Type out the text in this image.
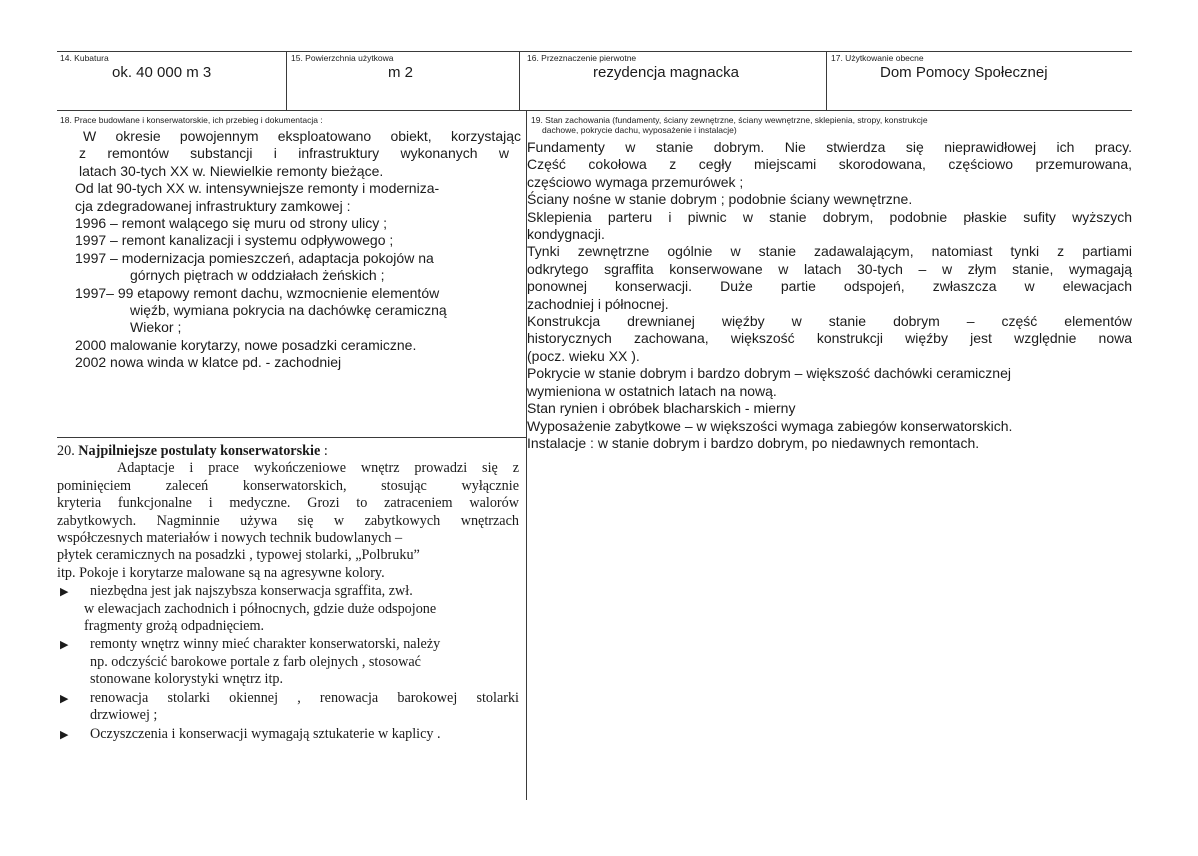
14. Kubatura
ok. 40 000 m 3
15. Powierzchnia użytkowa
m 2
16. Przeznaczenie pierwotne
rezydencja magnacka
17. Użytkowanie obecne
Dom Pomocy Społecznej
18. Prace budowlane i konserwatorskie, ich przebieg i dokumentacja :
W okresie powojennym eksploatowano obiekt, korzystając
z remontów substancji i infrastruktury wykonanych w
latach 30-tych XX w. Niewielkie remonty bieżące.
Od lat 90-tych XX w. intensywniejsze remonty i moderniza-
cja zdegradowanej infrastruktury zamkowej :
1996 – remont walącego się muru od strony ulicy ;
1997 – remont kanalizacji i systemu odpływowego ;
1997 – modernizacja pomieszczeń, adaptacja pokojów na
górnych piętrach w oddziałach żeńskich ;
1997– 99 etapowy remont dachu, wzmocnienie elementów
więźb, wymiana pokrycia na dachówkę ceramiczną
Wiekor ;
2000 malowanie korytarzy, nowe posadzki ceramiczne.
2002 nowa winda w klatce pd. - zachodniej
19. Stan zachowania (fundamenty, ściany zewnętrzne, ściany wewnętrzne, sklepienia, stropy, konstrukcje
dachowe, pokrycie dachu, wyposażenie i instalacje)
Fundamenty w stanie dobrym. Nie stwierdza się nieprawidłowej ich pracy.
Część cokołowa z cegły miejscami skorodowana, częściowo przemurowana,
częściowo wymaga przemurówek ;
Ściany nośne w stanie dobrym ; podobnie ściany wewnętrzne.
Sklepienia parteru i piwnic w stanie dobrym, podobnie płaskie sufity wyższych
kondygnacji.
Tynki zewnętrzne ogólnie w stanie zadawalającym, natomiast tynki z partiami
odkrytego sgraffita konserwowane w latach 30-tych – w złym stanie, wymagają
ponownej konserwacji. Duże partie odspojeń, zwłaszcza w elewacjach
zachodniej i północnej.
Konstrukcja drewnianej więźby w stanie dobrym – część elementów
historycznych zachowana, większość konstrukcji więźby jest względnie nowa
(pocz. wieku XX ).
Pokrycie w stanie dobrym i bardzo dobrym – większość dachówki ceramicznej
wymieniona w ostatnich latach na nową.
Stan rynien i obróbek blacharskich - mierny
Wyposażenie zabytkowe – w większości wymaga zabiegów konserwatorskich.
Instalacje : w stanie dobrym i bardzo dobrym, po niedawnych remontach.
20. Najpilniejsze postulaty konserwatorskie :
Adaptacje i prace wykończeniowe wnętrz prowadzi się z
pominięciem zaleceń konserwatorskich, stosując wyłącznie
kryteria funkcjonalne i medyczne. Grozi to zatraceniem walorów
zabytkowych. Nagminnie używa się w zabytkowych wnętrzach
współczesnych materiałów i nowych technik budowlanych –
płytek ceramicznych na posadzki , typowej stolarki, „Polbruku”
itp. Pokoje i korytarze malowane są na agresywne kolory.
▶ niezbędna jest jak najszybsza konserwacja sgraffita, zwł.
w elewacjach zachodnich i północnych, gdzie duże odspojone
fragmenty grożą odpadnięciem.
▶ remonty wnętrz winny mieć charakter konserwatorski, należy
np. odczyścić barokowe portale z farb olejnych , stosować
stonowane kolorystyki wnętrz itp.
▶ renowacja stolarki okiennej , renowacja barokowej stolarki
drzwiowej ;
▶ Oczyszczenia i konserwacji wymagają sztukaterie w kaplicy .
